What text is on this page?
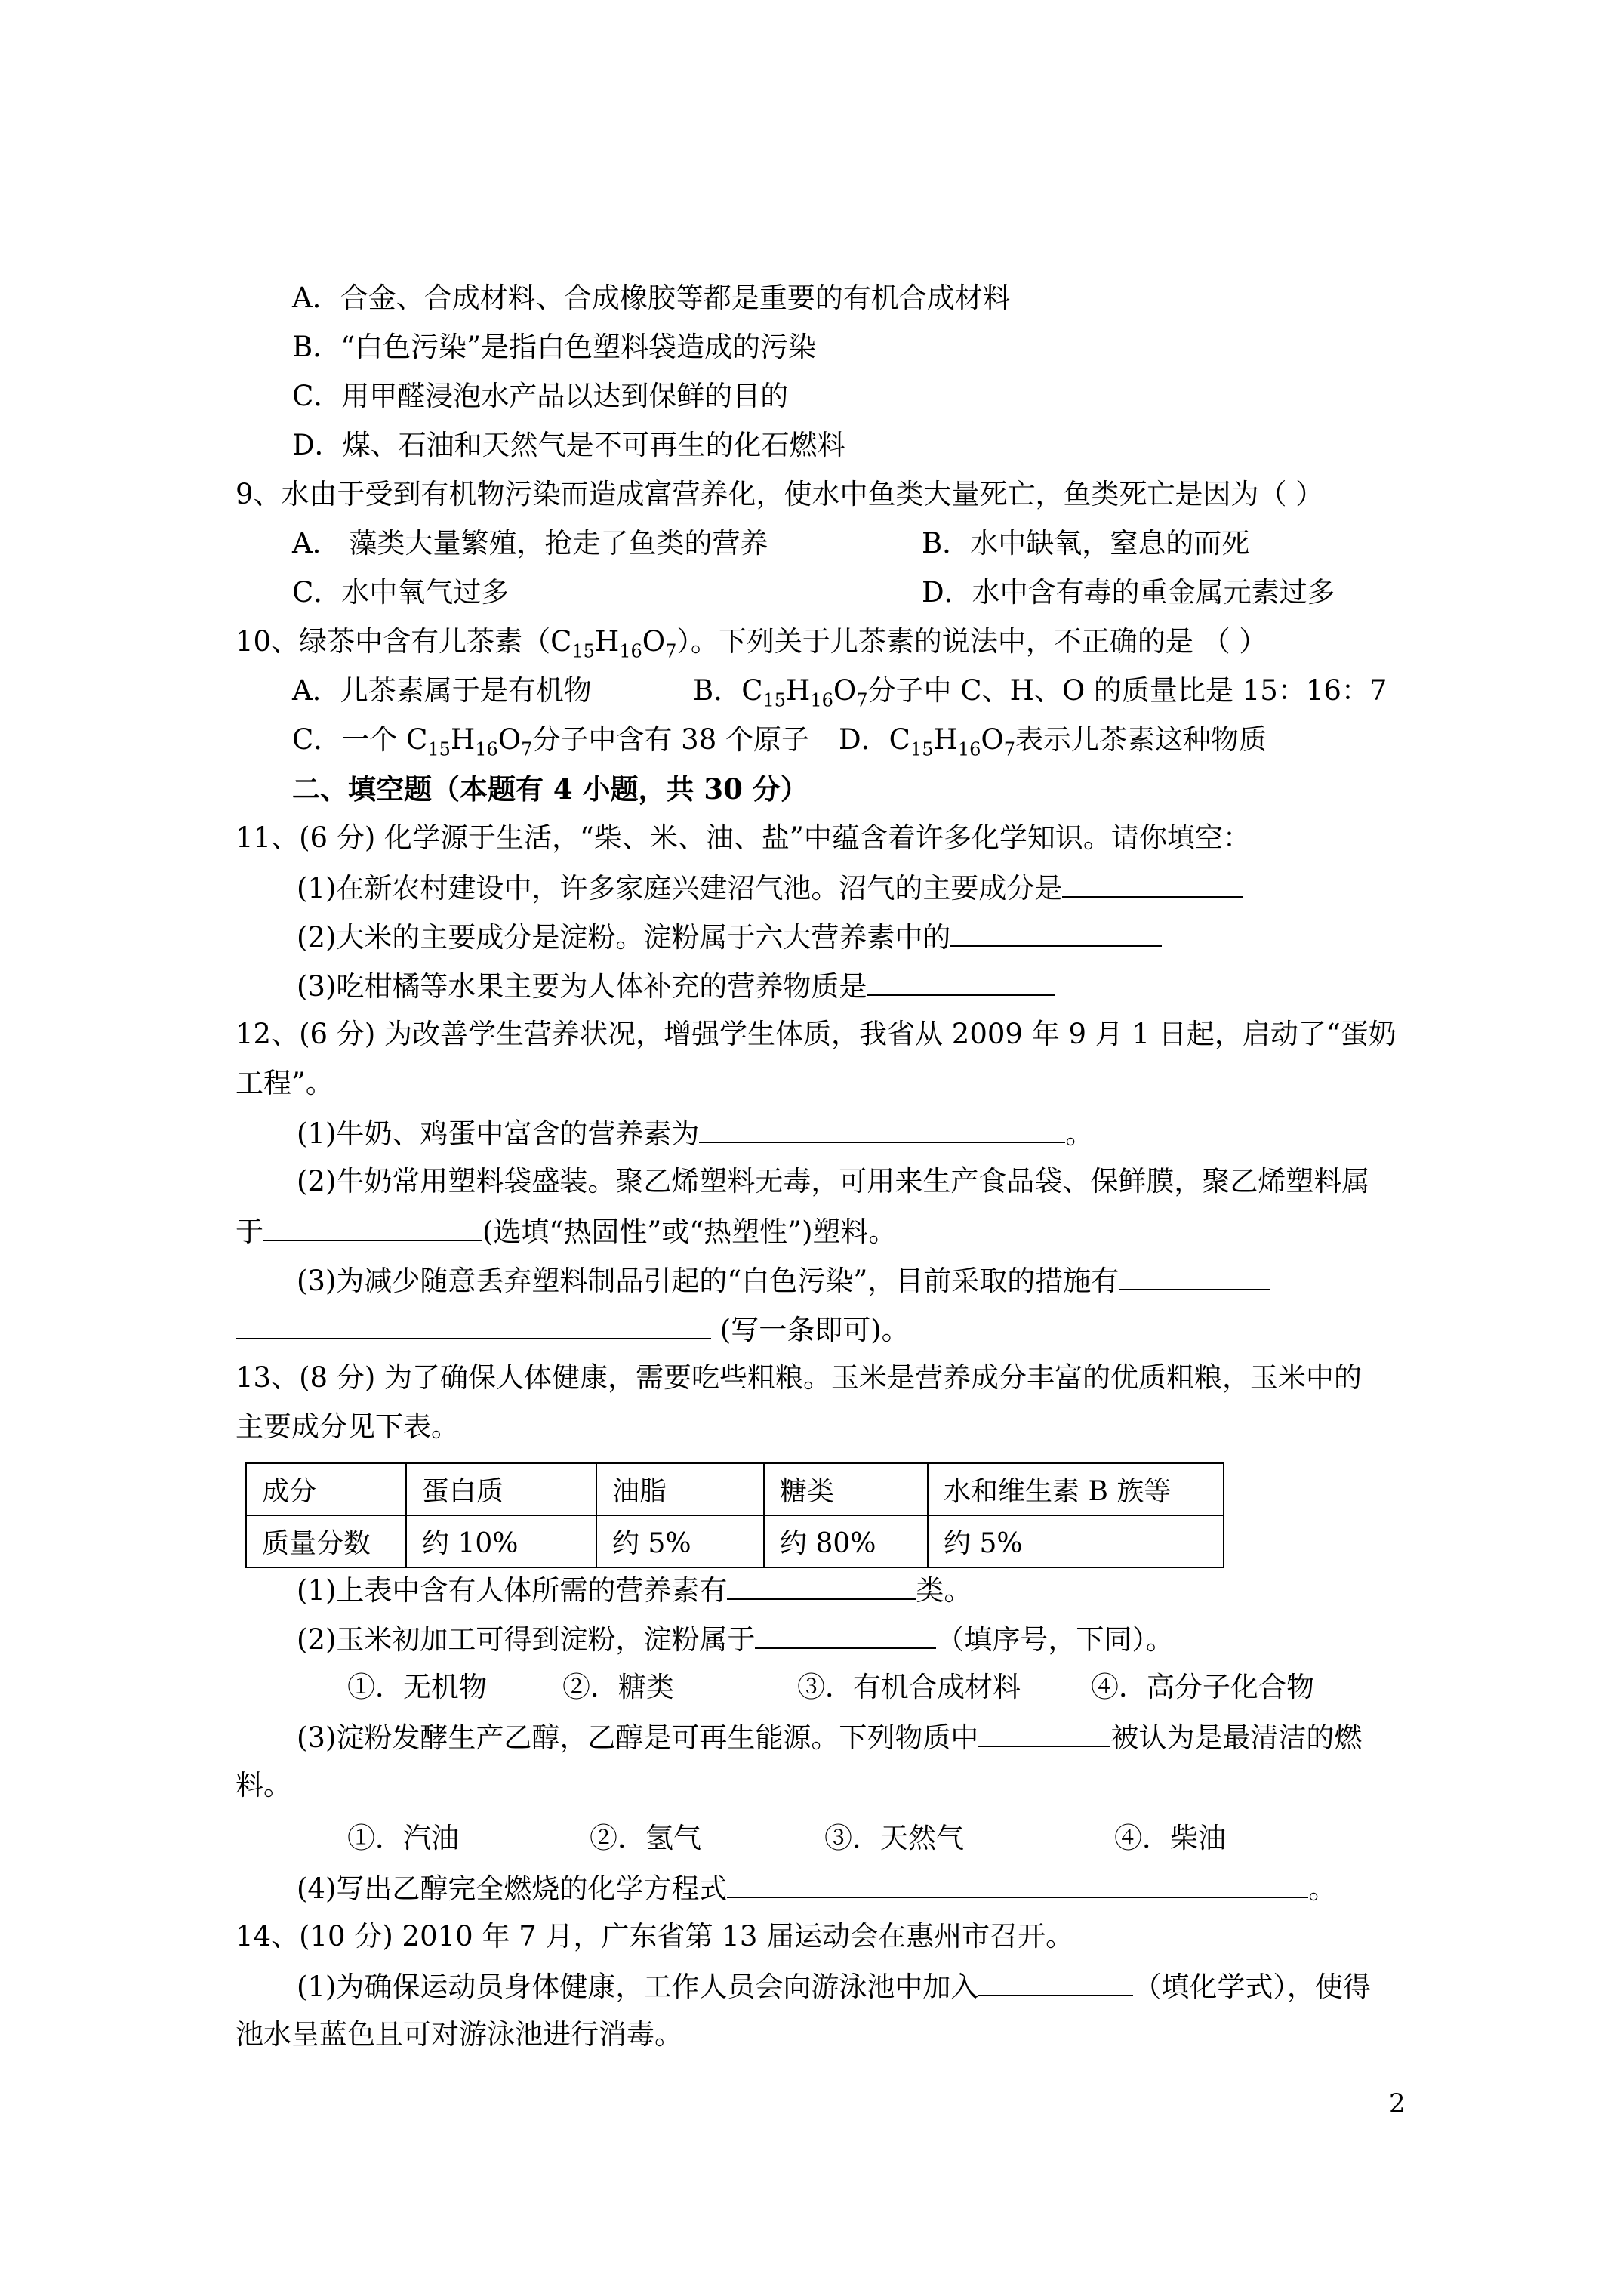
A．合金、合成材料、合成橡胶等都是重要的有机合成材料
B．“白色污染”是指白色塑料袋造成的污染
C．用甲醛浸泡水产品以达到保鲜的目的
D．煤、石油和天然气是不可再生的化石燃料
9、水由于受到有机物污染而造成富营养化，使水中鱼类大量死亡，鱼类死亡是因为（ ）
A． 藻类大量繁殖，抢走了鱼类的营养	B．水中缺氧，窒息的而死
C．水中氧气过多	D．水中含有毒的重金属元素过多
10、绿茶中含有儿茶素$(C_{15}H_{16}O_7)$。下列关于儿茶素的说法中，不正确的是 （ ）
A．儿茶素属于是有机物	B．$C_{15}H_{16}O_7$分子中 C、H、O 的质量比是 15：16：7
C．一个 $C_{15}H_{16}O_7$分子中含有 38 个原子 D．$C_{15}H_{16}O_7$表示儿茶素这种物质
二、填空题（本题有 4 小题，共 30 分）
11、(6 分) 化学源于生活，“柴、米、油、盐”中蕴含着许多化学知识。请你填空：
(1)在新农村建设中，许多家庭兴建沼气池。沼气的主要成分是
(2)大米的主要成分是淀粉。淀粉属于六大营养素中的
(3)吃柑橘等水果主要为人体补充的营养物质是
12、(6 分) 为改善学生营养状况，增强学生体质，我省从 2009 年 9 月 1 日起，启动了“蛋奶
工程”。
(1)牛奶、鸡蛋中富含的营养素为	。
(2)牛奶常用塑料袋盛装。聚乙烯塑料无毒，可用来生产食品袋、保鲜膜，聚乙烯塑料属
于	(选填“热固性”或“热塑性”)塑料。
(3)为减少随意丢弃塑料制品引起的“白色污染”，目前采取的措施有
(写一条即可)。
13、(8 分) 为了确保人体健康，需要吃些粗粮。玉米是营养成分丰富的优质粗粮，玉米中的
主要成分见下表。
成分	蛋白质	油脂	糖类	水和维生素 B 族等
质量分数	约 10%	约 5%	约 80%	约 5%
(1)上表中含有人体所需的营养素有	类。
(2)玉米初加工可得到淀粉，淀粉属于	（填序号，下同）。
①．无机物	②．糖类	③．有机合成材料	④．高分子化合物
(3)淀粉发酵生产乙醇，乙醇是可再生能源。下列物质中	被认为是最清洁的燃
料。
①．汽油	②．氢气	③．天然气	④．柴油
(4)写出乙醇完全燃烧的化学方程式	。
14、(10 分) 2010 年 7 月，广东省第 13 届运动会在惠州市召开。
(1)为确保运动员身体健康，工作人员会向游泳池中加入	（填化学式），使得
池水呈蓝色且可对游泳池进行消毒。
2
